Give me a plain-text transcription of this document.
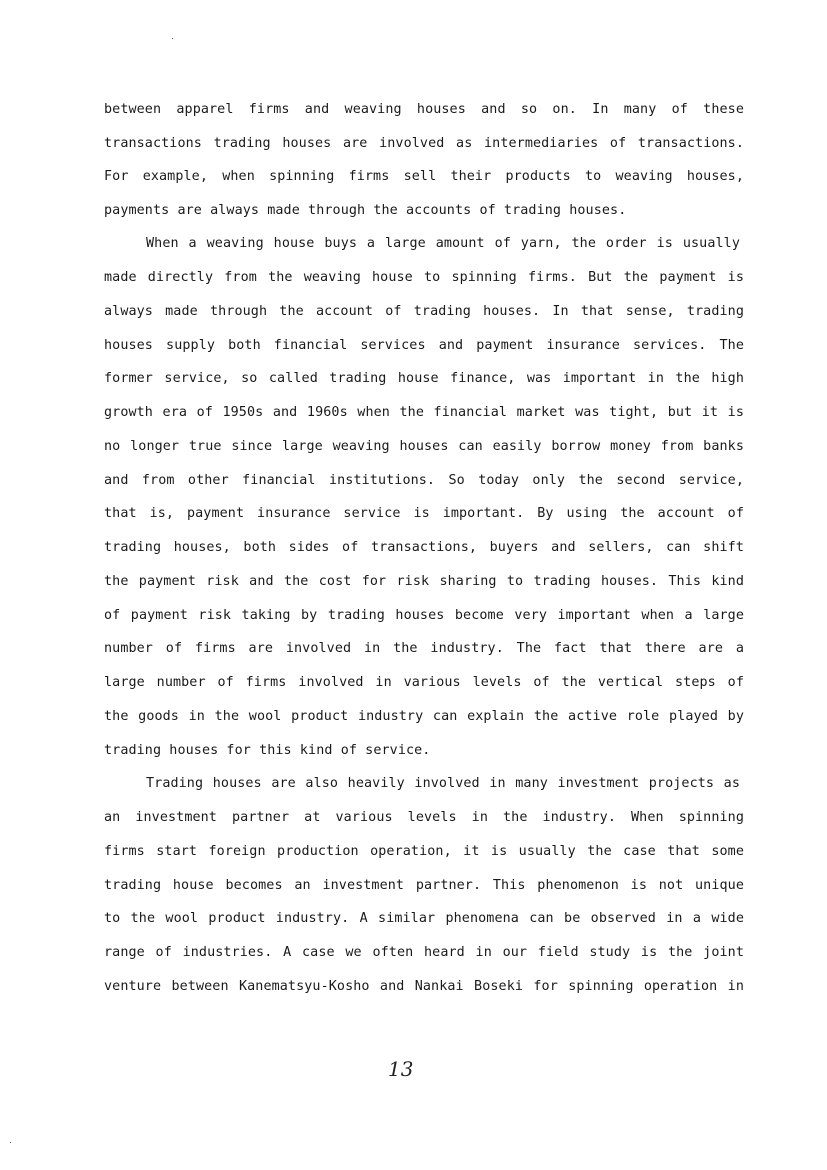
between apparel firms and weaving houses and so on. In many of these
transactions trading houses are involved as intermediaries of transactions.
For example, when spinning firms sell their products to weaving houses,
payments are always made through the accounts of trading houses.
When a weaving house buys a large amount of yarn, the order is usually
made directly from the weaving house to spinning firms. But the payment is
always made through the account of trading houses. In that sense, trading
houses supply both financial services and payment insurance services. The
former service, so called trading house finance, was important in the high
growth era of 1950s and 1960s when the financial market was tight, but it is
no longer true since large weaving houses can easily borrow money from banks
and from other financial institutions. So today only the second service,
that is, payment insurance service is important. By using the account of
trading houses, both sides of transactions, buyers and sellers, can shift
the payment risk and the cost for risk sharing to trading houses. This kind
of payment risk taking by trading houses become very important when a large
number of firms are involved in the industry. The fact that there are a
large number of firms involved in various levels of the vertical steps of
the goods in the wool product industry can explain the active role played by
trading houses for this kind of service.
Trading houses are also heavily involved in many investment projects as
an investment partner at various levels in the industry. When spinning
firms start foreign production operation, it is usually the case that some
trading house becomes an investment partner. This phenomenon is not unique
to the wool product industry. A similar phenomena can be observed in a wide
range of industries. A case we often heard in our field study is the joint
venture between Kanematsyu-Kosho and Nankai Boseki for spinning operation in
13
